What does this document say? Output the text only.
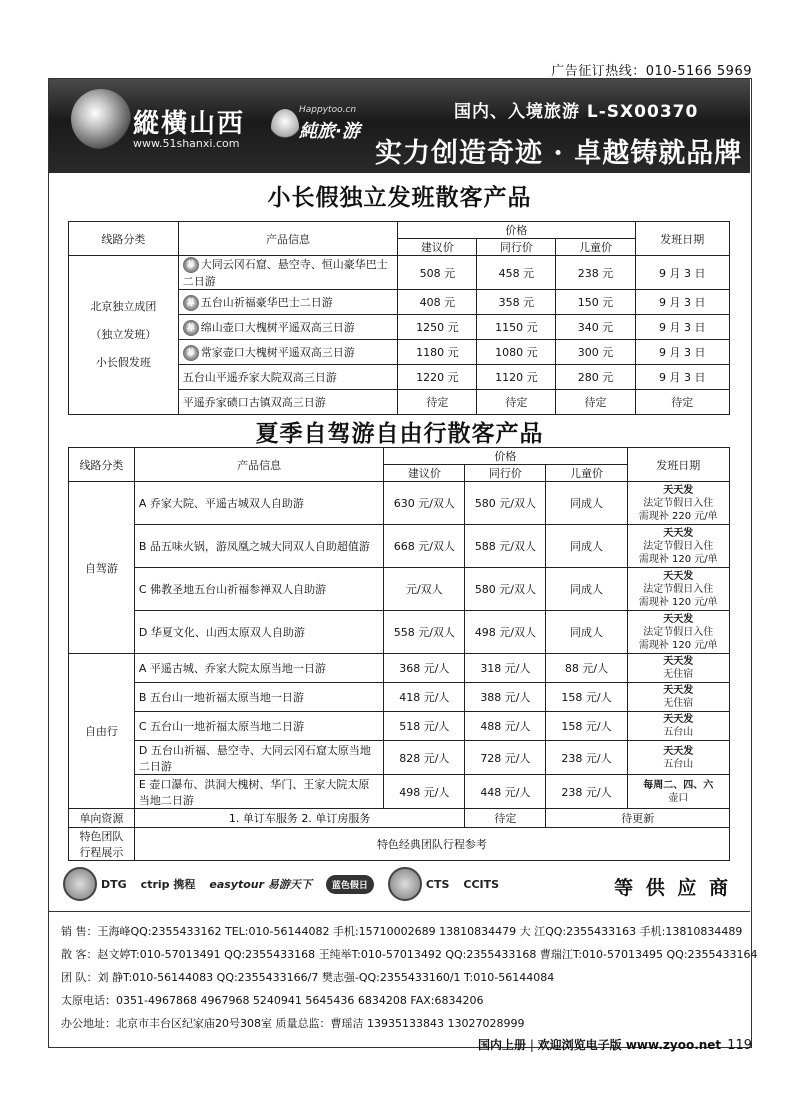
广告征订热线：010-5166 5969
縱橫山西
www.51shanxi.com
Happytoo.cn
純旅·游
国内、入境旅游 L-SX00370
实力创造奇迹 · 卓越铸就品牌
小长假独立发班散客产品
线路分类	产品信息	价格			发班日期
		建议价	同行价	儿童价	

北京独立成团
（独立发班）
小长假发班	荐 大同云冈石窟、悬空寺、恒山豪华巴士二日游	508 元	458 元	238 元	9 月 3 日
	荐 五台山祈福豪华巴士二日游	408 元	358 元	150 元	9 月 3 日
	荐 绵山壶口大槐树平遥双高三日游	1250 元	1150 元	340 元	9 月 3 日
	荐 常家壶口大槐树平遥双高三日游	1180 元	1080 元	300 元	9 月 3 日
	五台山平遥乔家大院双高三日游	1220 元	1120 元	280 元	9 月 3 日
	平遥乔家碛口古镇双高三日游	待定	待定	待定	待定
夏季自驾游自由行散客产品
线路分类	产品信息	价格			发班日期
		建议价	同行价	儿童价	
自驾游	A 乔家大院、平遥古城双人自助游	630 元/双人	580 元/双人	同成人	天天发
法定节假日入住
需现补 220 元/单

	B 品五味火锅，游凤凰之城大同双人自助超值游	668 元/双人	588 元/双人	同成人	天天发
法定节假日入住
需现补 120 元/单

	C 佛教圣地五台山祈福参禅双人自助游	元/双人	580 元/双人	同成人	天天发
法定节假日入住
需现补 120 元/单

	D 华夏文化、山西太原双人自助游	558 元/双人	498 元/双人	同成人	天天发
法定节假日入住
需现补 120 元/单

自由行	A 平遥古城、乔家大院太原当地一日游	368 元/人	318 元/人	88 元/人	天天发
无住宿

	B 五台山一地祈福太原当地一日游	418 元/人	388 元/人	158 元/人	天天发
无住宿

	C 五台山一地祈福太原当地二日游	518 元/人	488 元/人	158 元/人	天天发
五台山

	D 五台山祈福、悬空寺、大同云冈石窟太原当地二日游	828 元/人	728 元/人	238 元/人	天天发
五台山

	E 壶口瀑布、洪洞大槐树、华门、王家大院太原当地二日游	498 元/人	448 元/人	238 元/人	每周二、四、六
壶口

单向资源	1. 单订车服务 2. 单订房服务		待定	待更新	

特色团队
行程展示	特色经典团队行程参考				
DTG ctrip 携程 easytour 易游天下	蓝色假日	CTS CCITS	等 供 应 商
销 售：王海峰QQ:2355433162 TEL:010-56144082 手机:15710002689 13810834479 大 江QQ:2355433163 手机:13810834489
散 客：赵文婷T:010-57013491 QQ:2355433168 王纯举T:010-57013492 QQ:2355433168 曹瑞江T:010-57013495 QQ:2355433164
团 队：刘 静T:010-56144083 QQ:2355433166/7 樊志强-QQ:2355433160/1 T:010-56144084
太原电话：0351-4967868 4967968 5240941 5645436 6834208 FAX:6834206
办公地址：北京市丰台区纪家庙20号308室 质量总监：曹瑶洁 13935133843 13027028999
国内上册 | 欢迎浏览电子版 www.zyoo.net 119
